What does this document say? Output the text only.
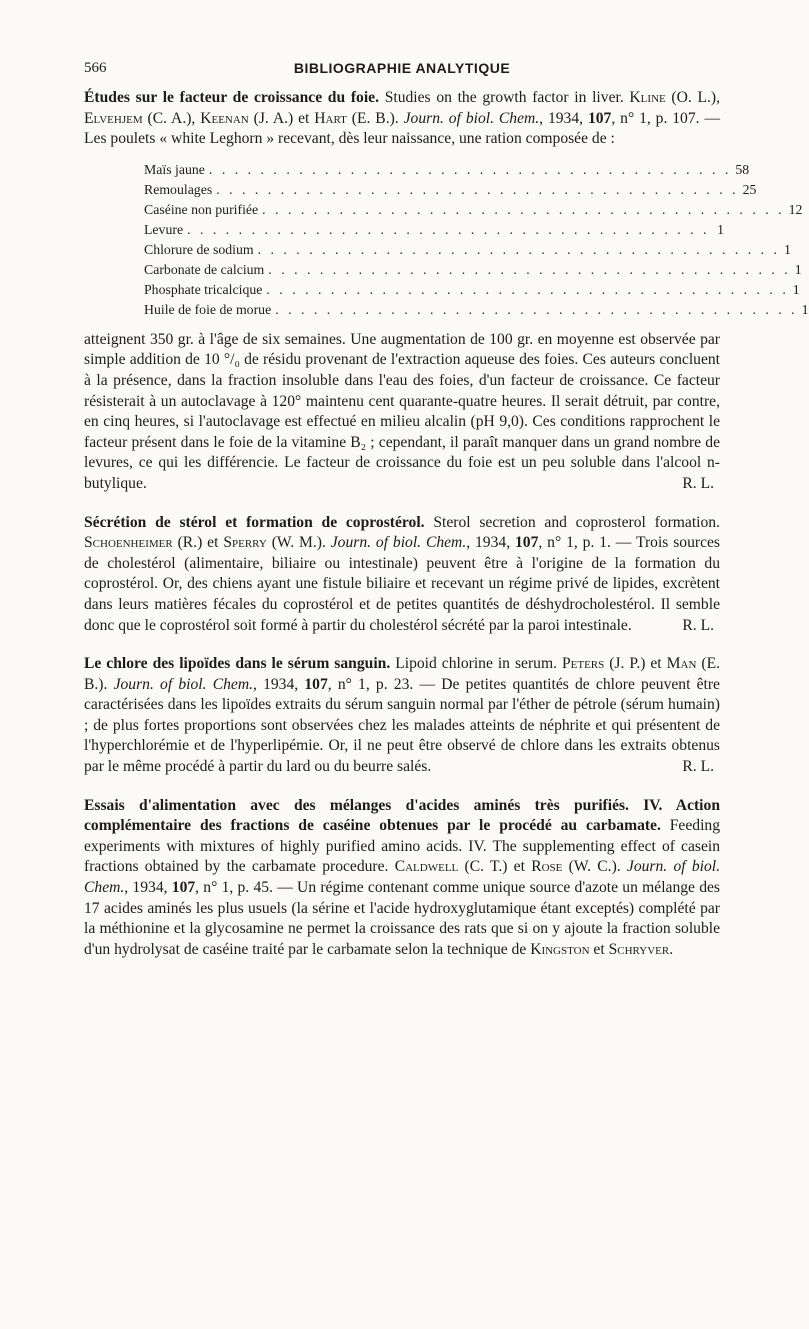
566	BIBLIOGRAPHIE ANALYTIQUE

Études sur le facteur de croissance du foie. Studies on the growth factor in liver. Kline (O. L.), Elvehjem (C. A.), Keenan (J. A.) et Hart (E. B.). Journ. of biol. Chem., 1934, 107, n° 1, p. 107. — Les poulets « white Leghorn » recevant, dès leur naissance, une ration composée de :

Maïs jaune . . . . . . . . . . . . . . . . . . . . . . . . . . . . . . . . . . . . . . . . . 58
Remoulages . . . . . . . . . . . . . . . . . . . . . . . . . . . . . . . . . . . . . . . . . 25
Caséine non purifiée . . . . . . . . . . . . . . . . . . . . . . . . . . . . . . . . . . . . . . . . . 12
Levure . . . . . . . . . . . . . . . . . . . . . . . . . . . . . . . . . . . . . . . . . 1
Chlorure de sodium . . . . . . . . . . . . . . . . . . . . . . . . . . . . . . . . . . . . . . . . . 1
Carbonate de calcium . . . . . . . . . . . . . . . . . . . . . . . . . . . . . . . . . . . . . . . . . 1
Phosphate tricalcique . . . . . . . . . . . . . . . . . . . . . . . . . . . . . . . . . . . . . . . . . 1
Huile de foie de morue . . . . . . . . . . . . . . . . . . . . . . . . . . . . . . . . . . . . . . . . . 1

atteignent 350 gr. à l'âge de six semaines. Une augmentation de 100 gr. en moyenne est observée par simple addition de 10 °/₀ de résidu provenant de l'extraction aqueuse des foies. Ces auteurs concluent à la présence, dans la fraction insoluble dans l'eau des foies, d'un facteur de croissance. Ce facteur résisterait à un autoclavage à 120° maintenu cent quarante-quatre heures. Il serait détruit, par contre, en cinq heures, si l'autoclavage est effectué en milieu alcalin (pH 9,0). Ces conditions rapprochent le facteur présent dans le foie de la vitamine B₂ ; cependant, il paraît manquer dans un grand nombre de levures, ce qui les différencie. Le facteur de croissance du foie est un peu soluble dans l'alcool n-butylique.	R. L.

Sécrétion de stérol et formation de coprostérol. Sterol secretion and coprosterol formation. Schoenheimer (R.) et Sperry (W. M.). Journ. of biol. Chem., 1934, 107, n° 1, p. 1. — Trois sources de cholestérol (alimentaire, biliaire ou intestinale) peuvent être à l'origine de la formation du coprostérol. Or, des chiens ayant une fistule biliaire et recevant un régime privé de lipides, excrètent dans leurs matières fécales du coprostérol et de petites quantités de déshydrocholestérol. Il semble donc que le coprostérol soit formé à partir du cholestérol sécrété par la paroi intestinale.	R. L.

Le chlore des lipoïdes dans le sérum sanguin. Lipoid chlorine in serum. Peters (J. P.) et Man (E. B.). Journ. of biol. Chem., 1934, 107, n° 1, p. 23. — De petites quantités de chlore peuvent être caractérisées dans les lipoïdes extraits du sérum sanguin normal par l'éther de pétrole (sérum humain) ; de plus fortes proportions sont observées chez les malades atteints de néphrite et qui présentent de l'hyperchlorémie et de l'hyperlipémie. Or, il ne peut être observé de chlore dans les extraits obtenus par le même procédé à partir du lard ou du beurre salés.	R. L.

Essais d'alimentation avec des mélanges d'acides aminés très purifiés. IV. Action complémentaire des fractions de caséine obtenues par le procédé au carbamate. Feeding experiments with mixtures of highly purified amino acids. IV. The supplementing effect of casein fractions obtained by the carbamate procedure. Caldwell (C. T.) et Rose (W. C.). Journ. of biol. Chem., 1934, 107, n° 1, p. 45. — Un régime contenant comme unique source d'azote un mélange des 17 acides aminés les plus usuels (la sérine et l'acide hydroxyglutamique étant exceptés) complété par la méthionine et la glycosamine ne permet la croissance des rats que si on y ajoute la fraction soluble d'un hydrolysat de caséine traité par le carbamate selon la technique de Kingston et Schryver.
